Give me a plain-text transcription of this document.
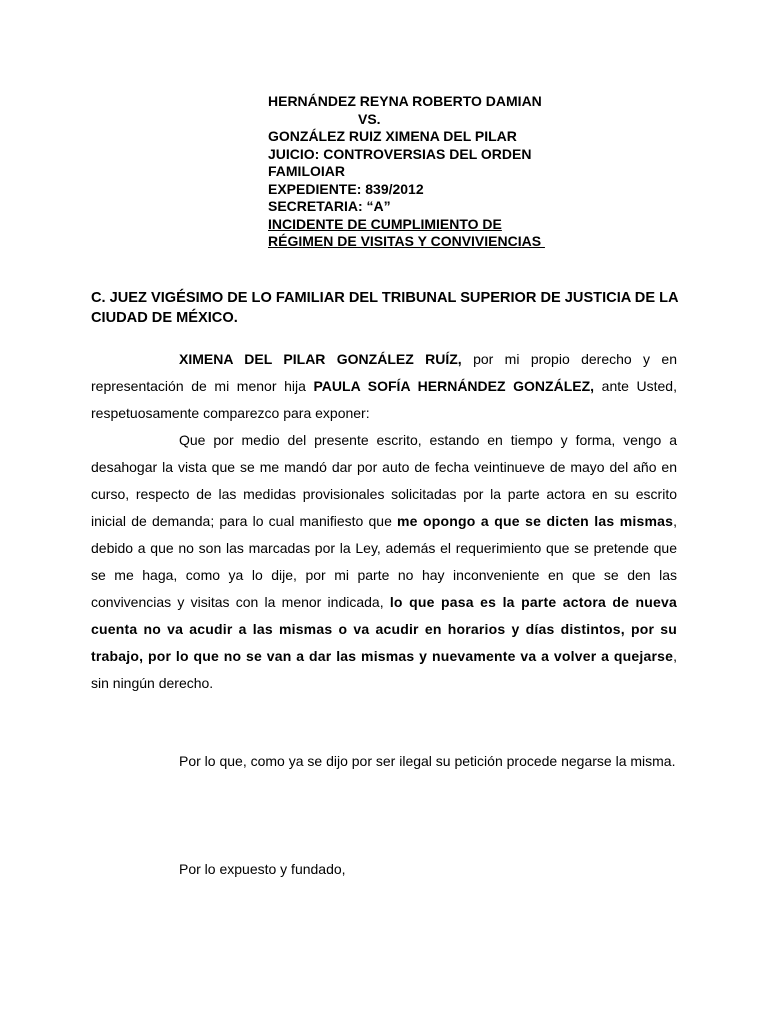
HERNÁNDEZ REYNA ROBERTO DAMIAN
VS.
GONZÁLEZ RUIZ XIMENA DEL PILAR
JUICIO: CONTROVERSIAS DEL ORDEN
FAMILOIAR
EXPEDIENTE: 839/2012
SECRETARIA: “A”
INCIDENTE DE CUMPLIMIENTO DE
RÉGIMEN DE VISITAS Y CONVIVIENCIAS
C. JUEZ VIGÉSIMO DE LO FAMILIAR DEL TRIBUNAL SUPERIOR DE JUSTICIA DE LA CIUDAD DE MÉXICO.
XIMENA DEL PILAR GONZÁLEZ RUÍZ, por mi propio derecho y en representación de mi menor hija PAULA SOFÍA HERNÁNDEZ GONZÁLEZ, ante Usted, respetuosamente comparezco para exponer:
Que por medio del presente escrito, estando en tiempo y forma, vengo a desahogar la vista que se me mandó dar por auto de fecha veintinueve de mayo del año en curso, respecto de las medidas provisionales solicitadas por la parte actora en su escrito inicial de demanda; para lo cual manifiesto que me opongo a que se dicten las mismas, debido a que no son las marcadas por la Ley, además el requerimiento que se pretende que se me haga, como ya lo dije, por mi parte no hay inconveniente en que se den las convivencias y visitas con la menor indicada, lo que pasa es la parte actora de nueva cuenta no va acudir a las mismas o va acudir en horarios y días distintos, por su trabajo, por lo que no se van a dar las mismas y nuevamente va a volver a quejarse, sin ningún derecho.
Por lo que, como ya se dijo por ser ilegal su petición procede negarse la misma.
Por lo expuesto y fundado,
